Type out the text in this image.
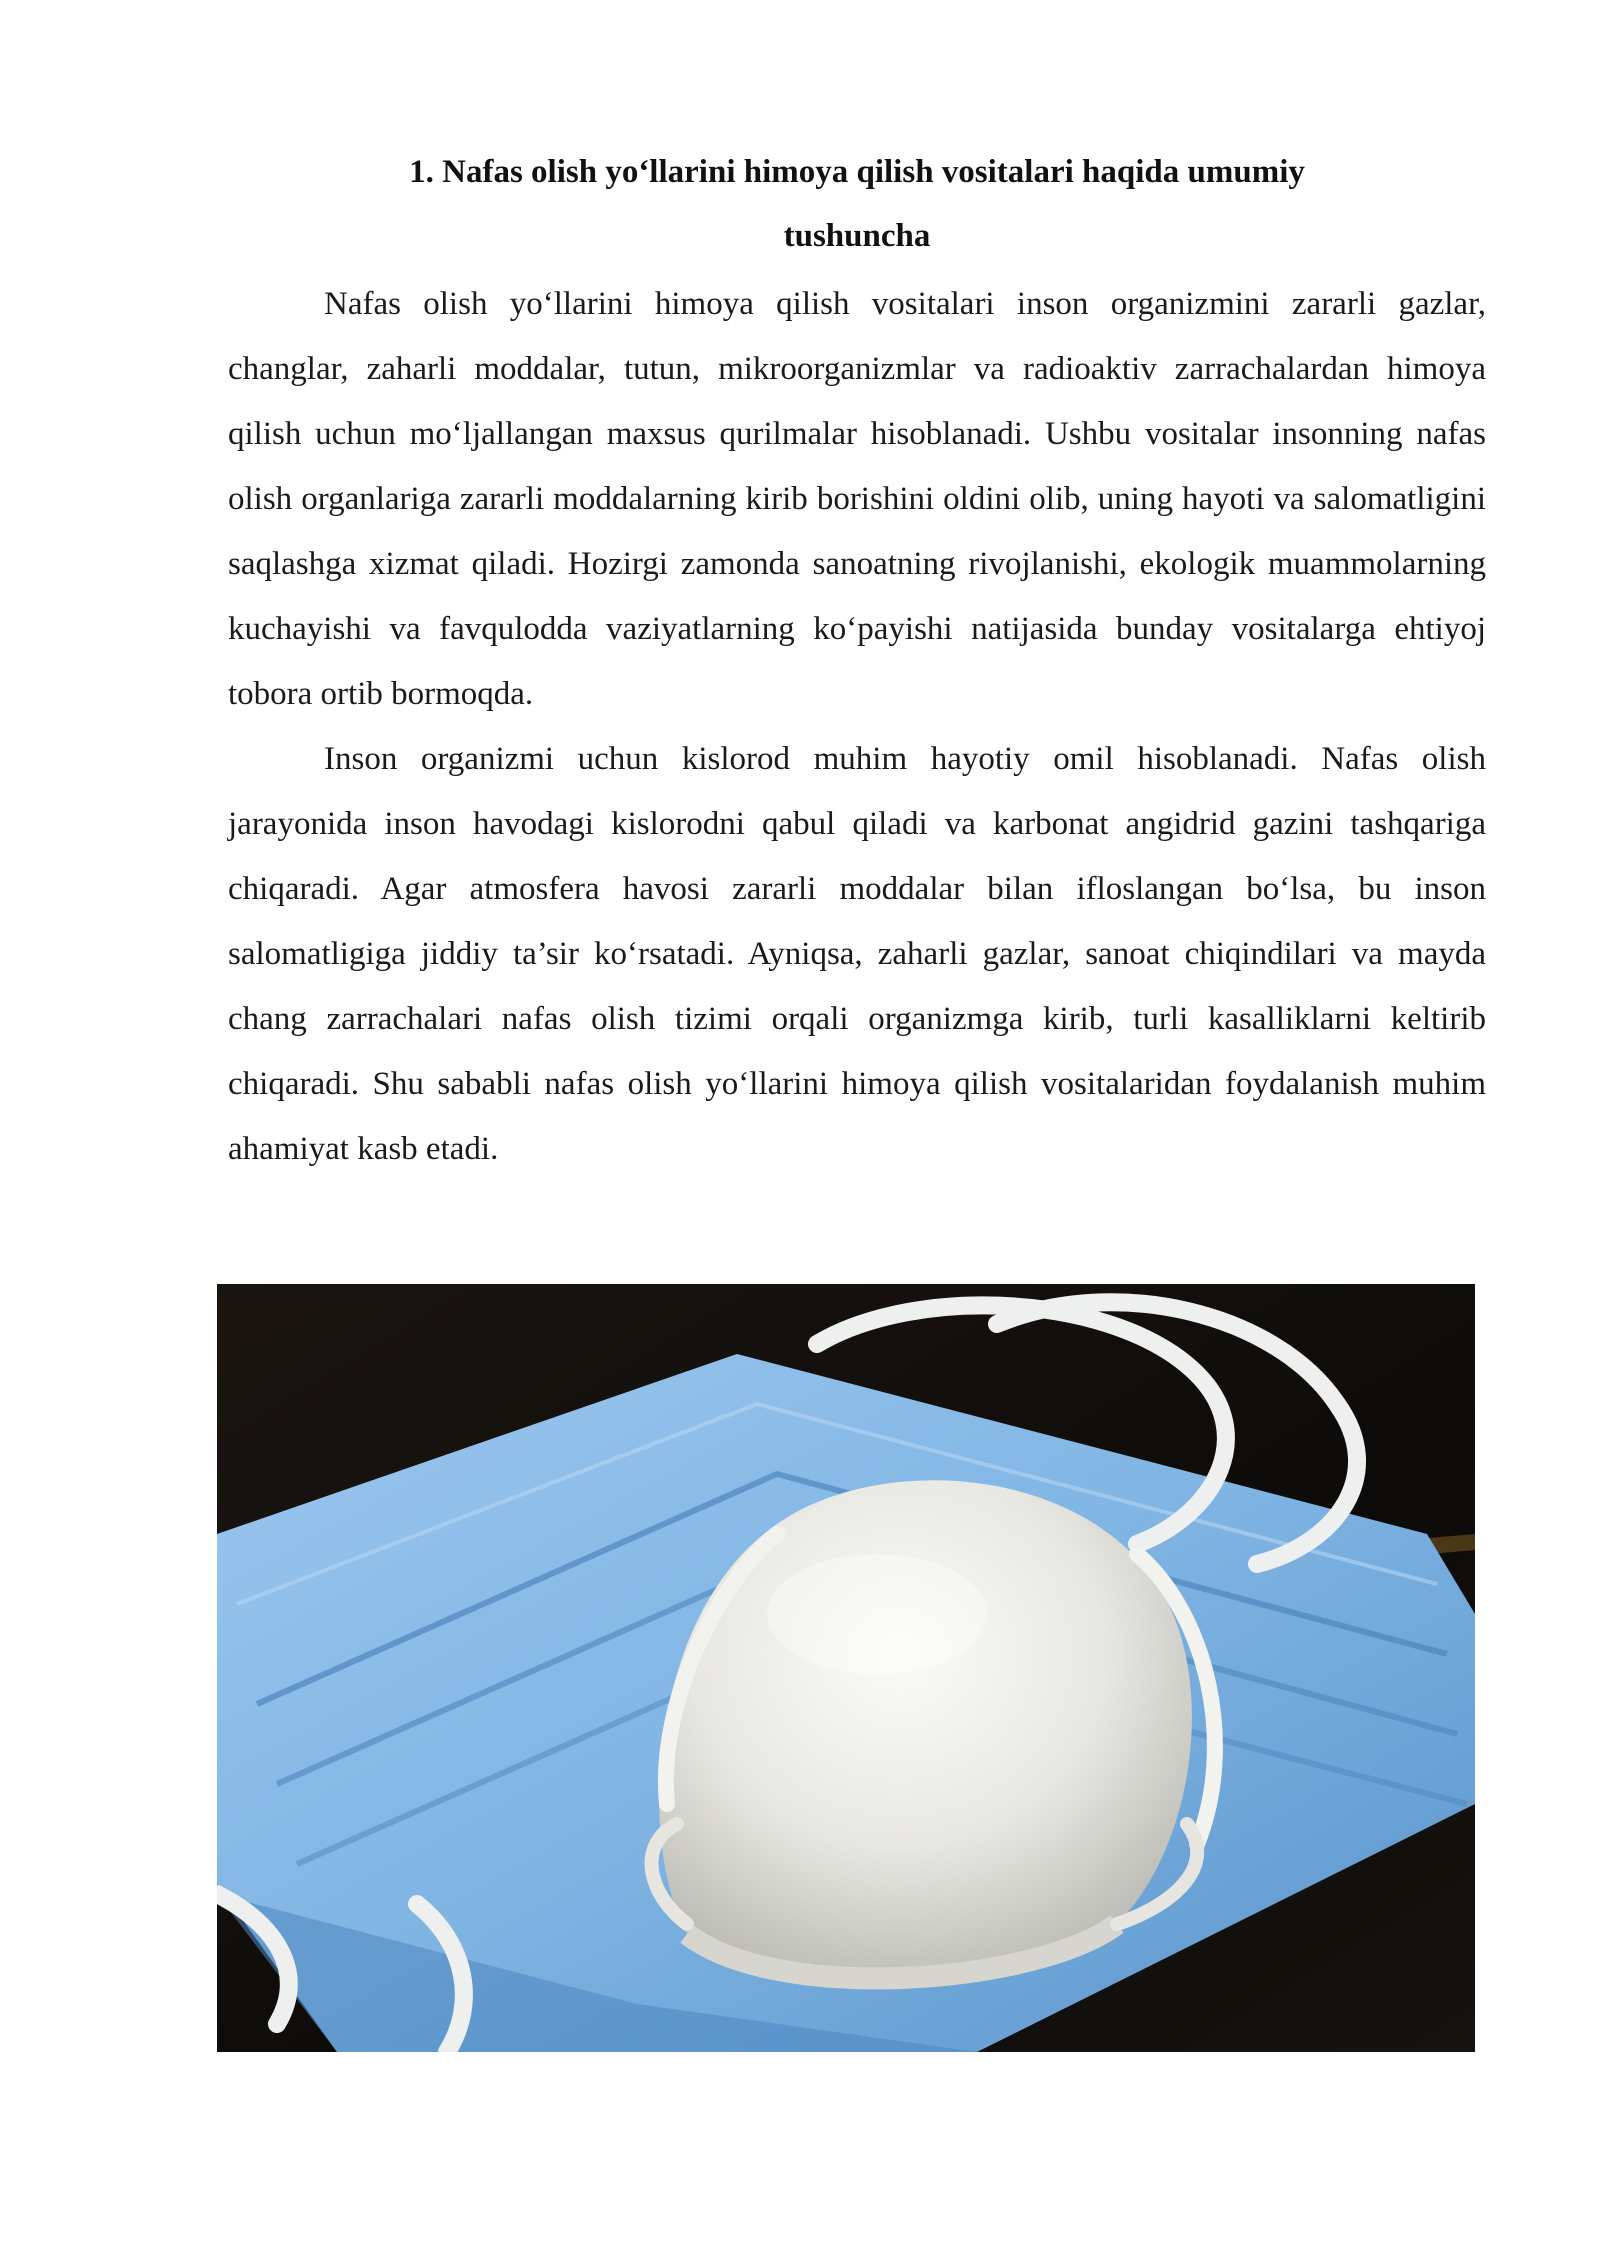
1. Nafas olish yo‘llarini himoya qilish vositalari haqida umumiy
tushuncha

Nafas olish yo‘llarini himoya qilish vositalari inson organizmini zararli gazlar, changlar, zaharli moddalar, tutun, mikroorganizmlar va radioaktiv zarrachalardan himoya qilish uchun mo‘ljallangan maxsus qurilmalar hisoblanadi. Ushbu vositalar insonning nafas olish organlariga zararli moddalarning kirib borishini oldini olib, uning hayoti va salomatligini saqlashga xizmat qiladi. Hozirgi zamonda sanoatning rivojlanishi, ekologik muammolarning kuchayishi va favqulodda vaziyatlarning ko‘payishi natijasida bunday vositalarga ehtiyoj tobora ortib bormoqda.

Inson organizmi uchun kislorod muhim hayotiy omil hisoblanadi. Nafas olish jarayonida inson havodagi kislorodni qabul qiladi va karbonat angidrid gazini tashqariga chiqaradi. Agar atmosfera havosi zararli moddalar bilan ifloslangan bo‘lsa, bu inson salomatligiga jiddiy ta’sir ko‘rsatadi. Ayniqsa, zaharli gazlar, sanoat chiqindilari va mayda chang zarrachalari nafas olish tizimi orqali organizmga kirib, turli kasalliklarni keltirib chiqaradi. Shu sababli nafas olish yo‘llarini himoya qilish vositalaridan foydalanish muhim ahamiyat kasb etadi.
